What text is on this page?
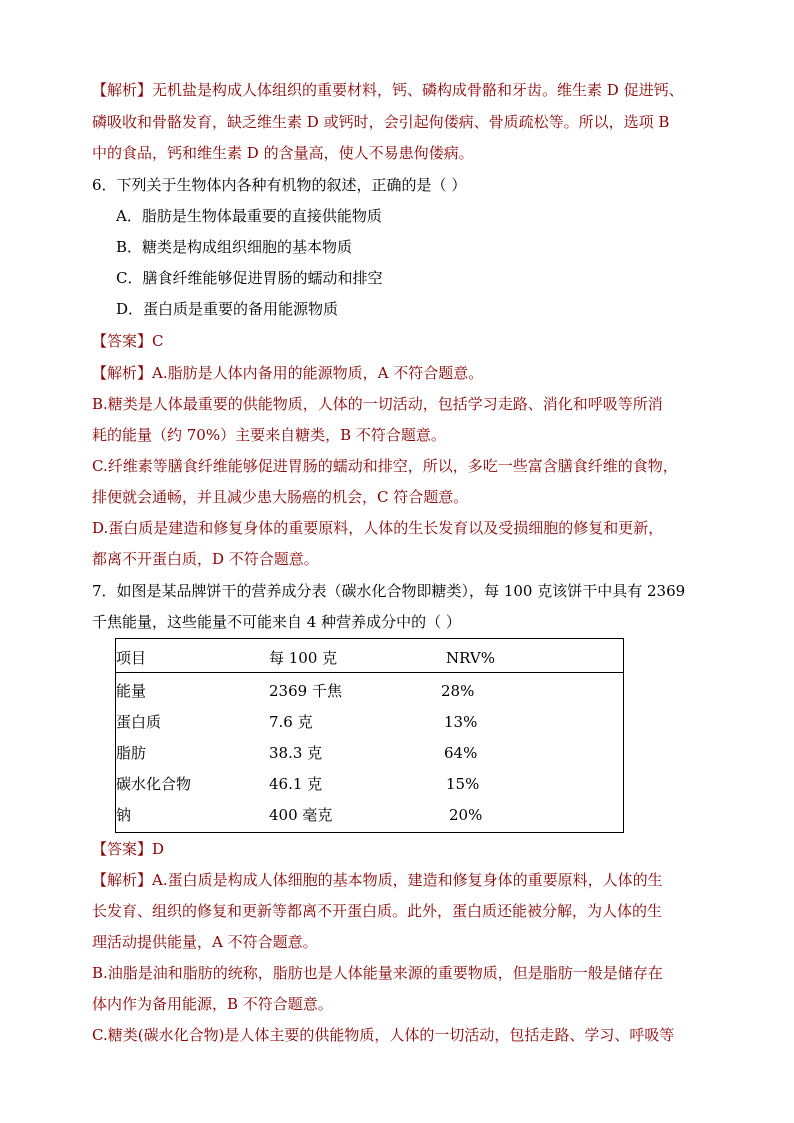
【解析】无机盐是构成人体组织的重要材料，钙、磷构成骨骼和牙齿。维生素 D 促进钙、
磷吸收和骨骼发育，缺乏维生素 D 或钙时，会引起佝偻病、骨质疏松等。所以，选项 B
中的食品，钙和维生素 D 的含量高，使人不易患佝偻病。
6．下列关于生物体内各种有机物的叙述，正确的是（ ）
A．脂肪是生物体最重要的直接供能物质
B．糖类是构成组织细胞的基本物质
C．膳食纤维能够促进胃肠的蠕动和排空
D．蛋白质是重要的备用能源物质
【答案】C
【解析】A.脂肪是人体内备用的能源物质，A 不符合题意。
B.糖类是人体最重要的供能物质，人体的一切活动，包括学习走路、消化和呼吸等所消
耗的能量（约 70%）主要来自糖类，B 不符合题意。
C.纤维素等膳食纤维能够促进胃肠的蠕动和排空，所以，多吃一些富含膳食纤维的食物，
排便就会通畅，并且减少患大肠癌的机会，C 符合题意。
D.蛋白质是建造和修复身体的重要原料，人体的生长发育以及受损细胞的修复和更新，
都离不开蛋白质，D 不符合题意。
7．如图是某品牌饼干的营养成分表（碳水化合物即糖类），每 100 克该饼干中具有 2369
千焦能量，这些能量不可能来自 4 种营养成分中的（ ）
项目	每 100 克	NRV%
能量	2369 千焦	28%
蛋白质	7.6 克	13%
脂肪	38.3 克	64%
碳水化合物	46.1 克	15%
钠	400 毫克	20%
【答案】D
【解析】A.蛋白质是构成人体细胞的基本物质，建造和修复身体的重要原料，人体的生
长发育、组织的修复和更新等都离不开蛋白质。此外，蛋白质还能被分解，为人体的生
理活动提供能量，A 不符合题意。
B.油脂是油和脂肪的统称，脂肪也是人体能量来源的重要物质，但是脂肪一般是储存在
体内作为备用能源，B 不符合题意。
C.糖类(碳水化合物)是人体主要的供能物质，人体的一切活动，包括走路、学习、呼吸等
